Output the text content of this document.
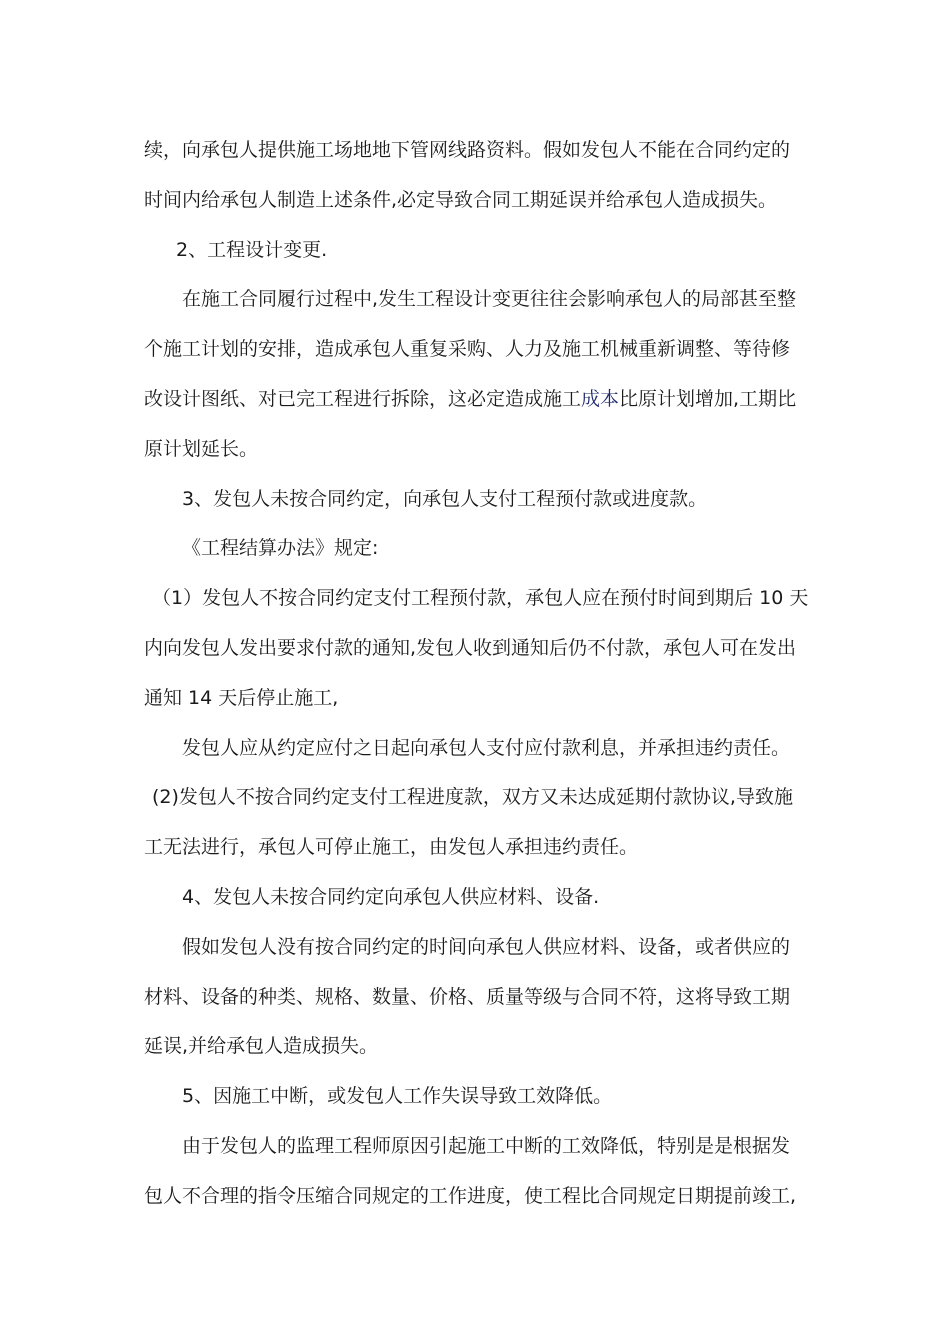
续，向承包人提供施工场地地下管网线路资料。假如发包人不能在合同约定的
时间内给承包人制造上述条件,必定导致合同工期延误并给承包人造成损失。
2、工程设计变更.
在施工合同履行过程中,发生工程设计变更往往会影响承包人的局部甚至整
个施工计划的安排，造成承包人重复采购、人力及施工机械重新调整、等待修
改设计图纸、对已完工程进行拆除，这必定造成施工成本比原计划增加,工期比
原计划延长。
3、发包人未按合同约定，向承包人支付工程预付款或进度款。
《工程结算办法》规定:
（1）发包人不按合同约定支付工程预付款，承包人应在预付时间到期后 10 天
内向发包人发出要求付款的通知,发包人收到通知后仍不付款，承包人可在发出
通知 14 天后停止施工,
发包人应从约定应付之日起向承包人支付应付款利息，并承担违约责任。
(2)发包人不按合同约定支付工程进度款，双方又未达成延期付款协议,导致施
工无法进行，承包人可停止施工，由发包人承担违约责任。
4、发包人未按合同约定向承包人供应材料、设备.
假如发包人没有按合同约定的时间向承包人供应材料、设备，或者供应的
材料、设备的种类、规格、数量、价格、质量等级与合同不符，这将导致工期
延误,并给承包人造成损失。
5、因施工中断，或发包人工作失误导致工效降低。
由于发包人的监理工程师原因引起施工中断的工效降低，特别是是根据发
包人不合理的指令压缩合同规定的工作进度，使工程比合同规定日期提前竣工,
